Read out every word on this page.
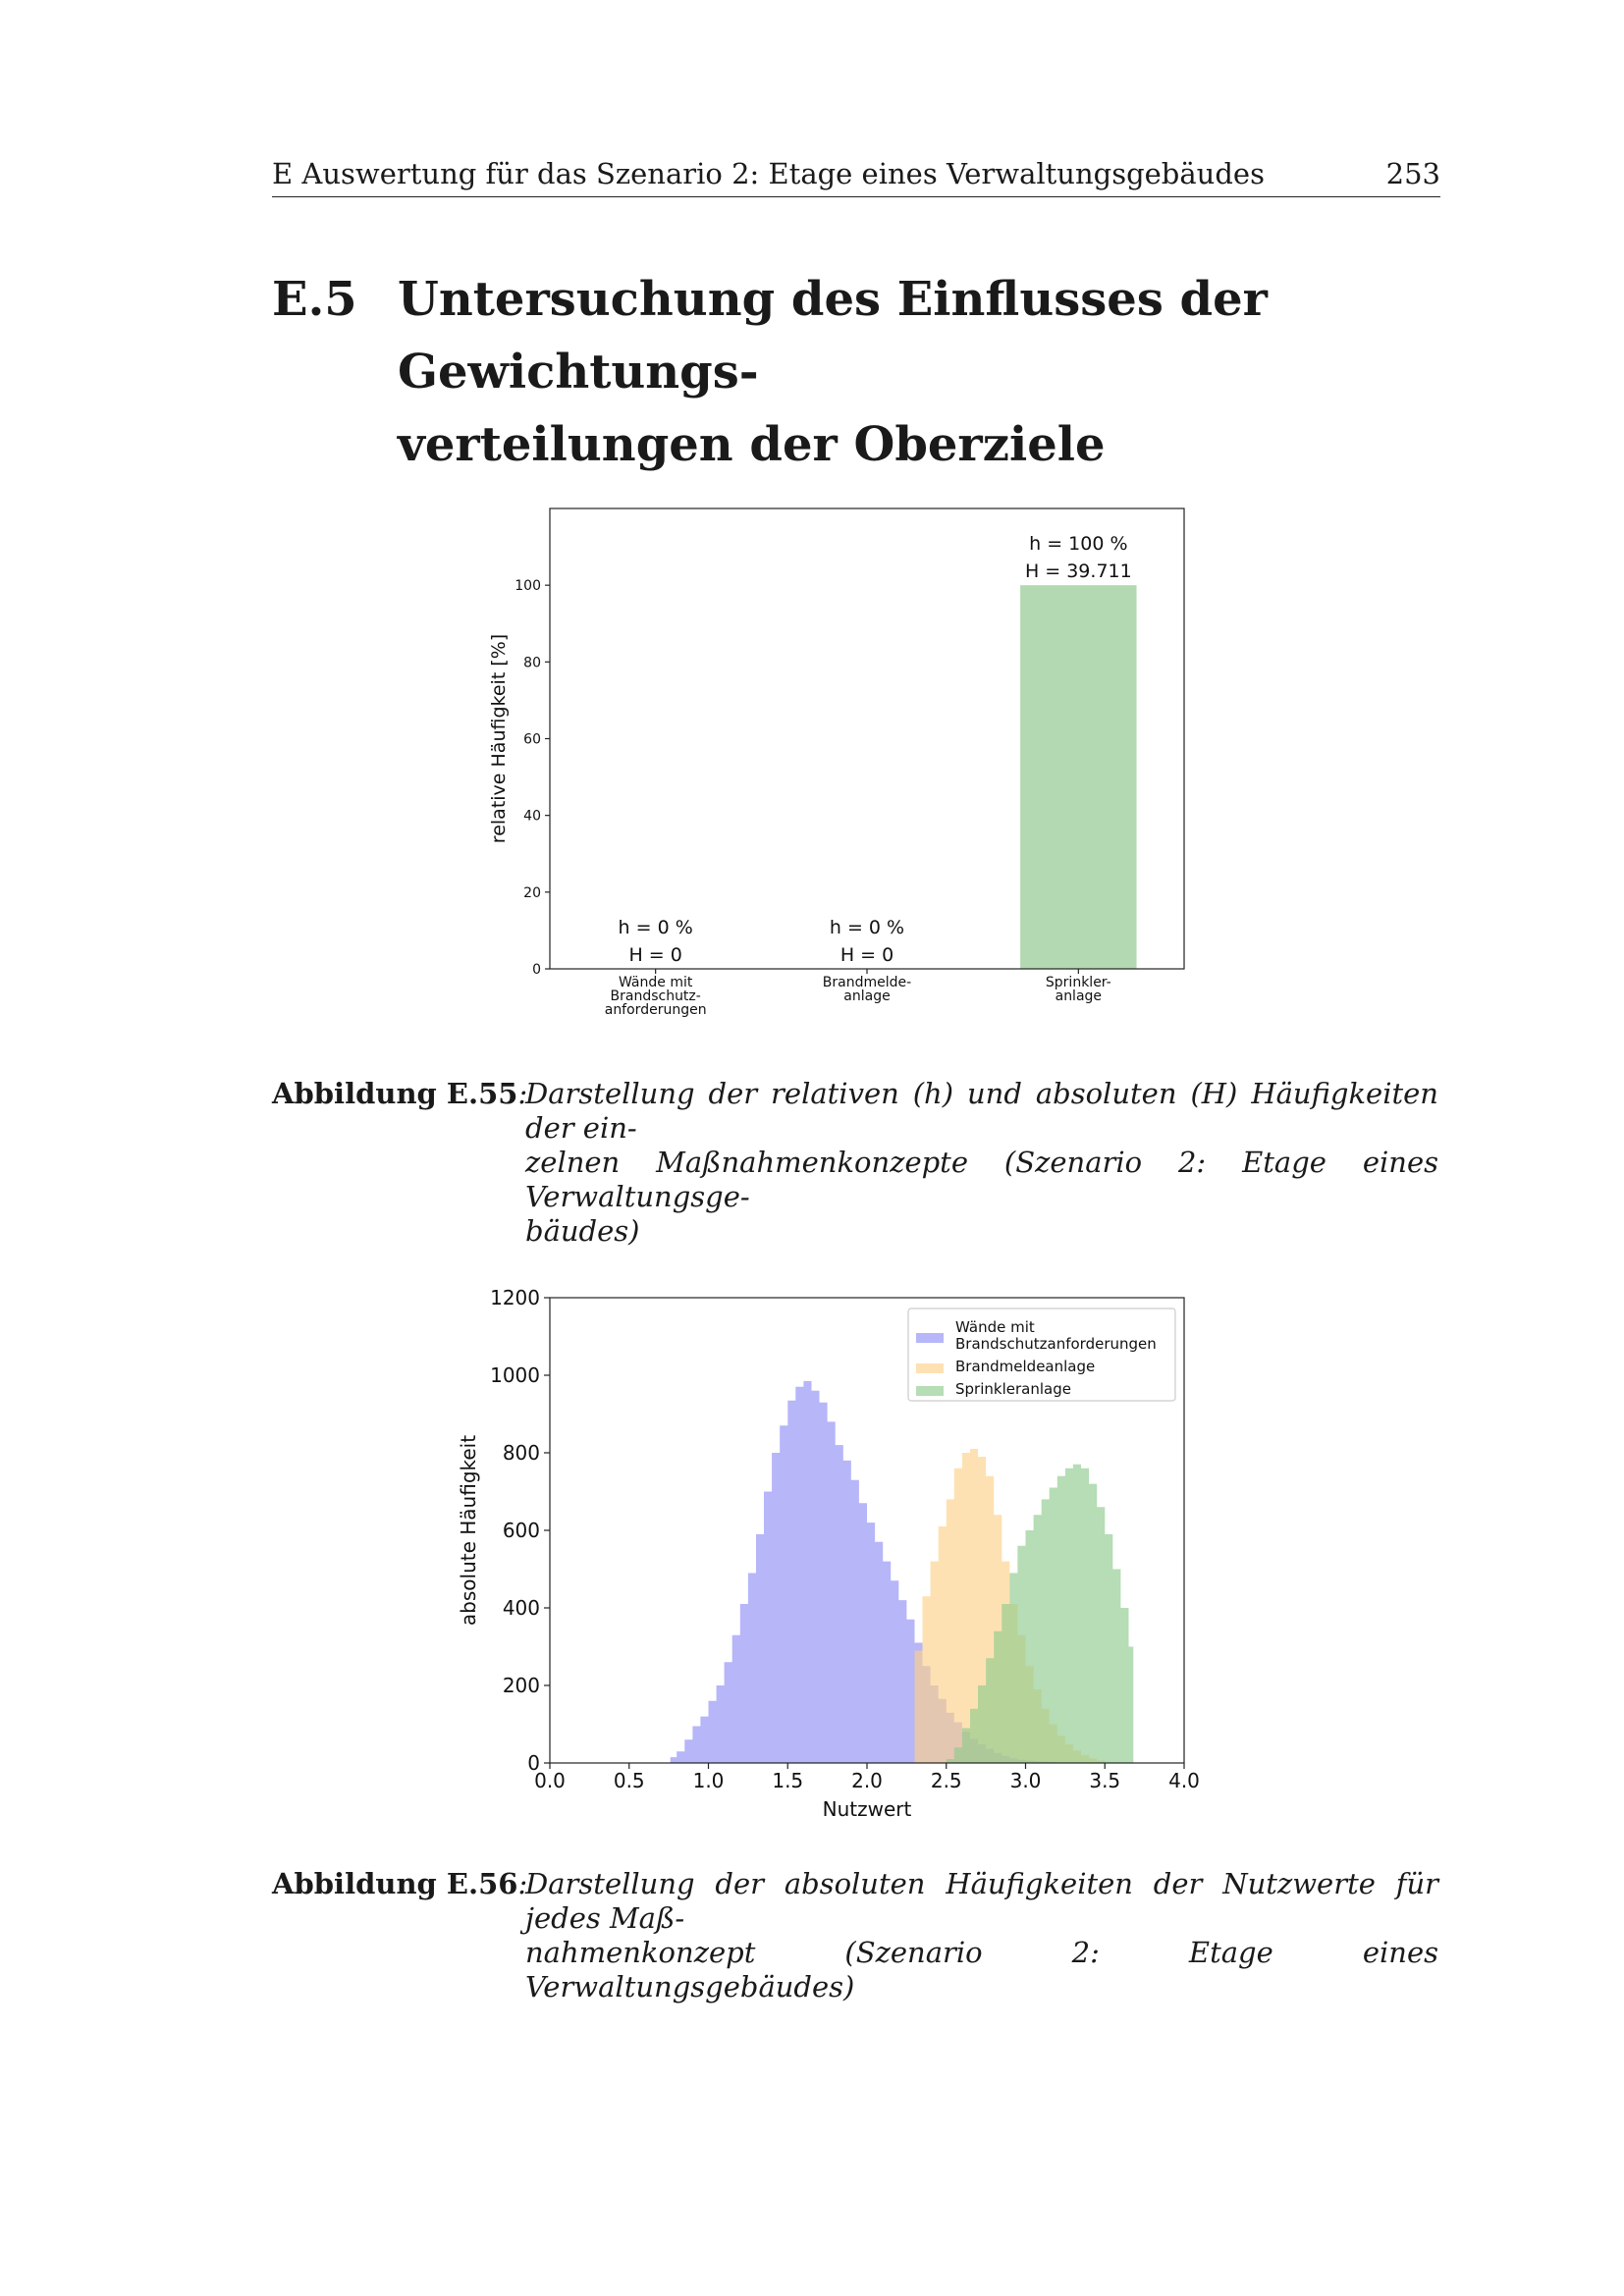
E Auswertung für das Szenario 2: Etage eines Verwaltungsgebäudes	253
E.5 Untersuchung des Einflusses der Gewichtungs-
verteilungen der Oberziele
h = 0 %
H = 0
Wände mit
Brandschutz-
anforderungen
h = 0 %
H = 0
Brandmelde-
anlage
h = 100 %
H = 39.711
Sprinkler-
anlage
0
20
40
60
80
100
relative Häufigkeit [%]
Abbildung E.55:
Darstellung der relativen (h) und absoluten (H) Häufigkeiten der ein-
zelnen Maßnahmenkonzepte (Szenario 2: Etage eines Verwaltungsge-
bäudes)
0.0 0.5 1.0 1.5 2.0 2.5 3.0 3.5 4.0
0
200
400
600
800
1000
1200
Nutzwert
absolute Häufigkeit
Wände mit
Brandschutzanforderungen
Brandmeldeanlage
Sprinkleranlage
Abbildung E.56:
Darstellung der absoluten Häufigkeiten der Nutzwerte für jedes Maß-
nahmenkonzept (Szenario 2: Etage eines Verwaltungsgebäudes)
